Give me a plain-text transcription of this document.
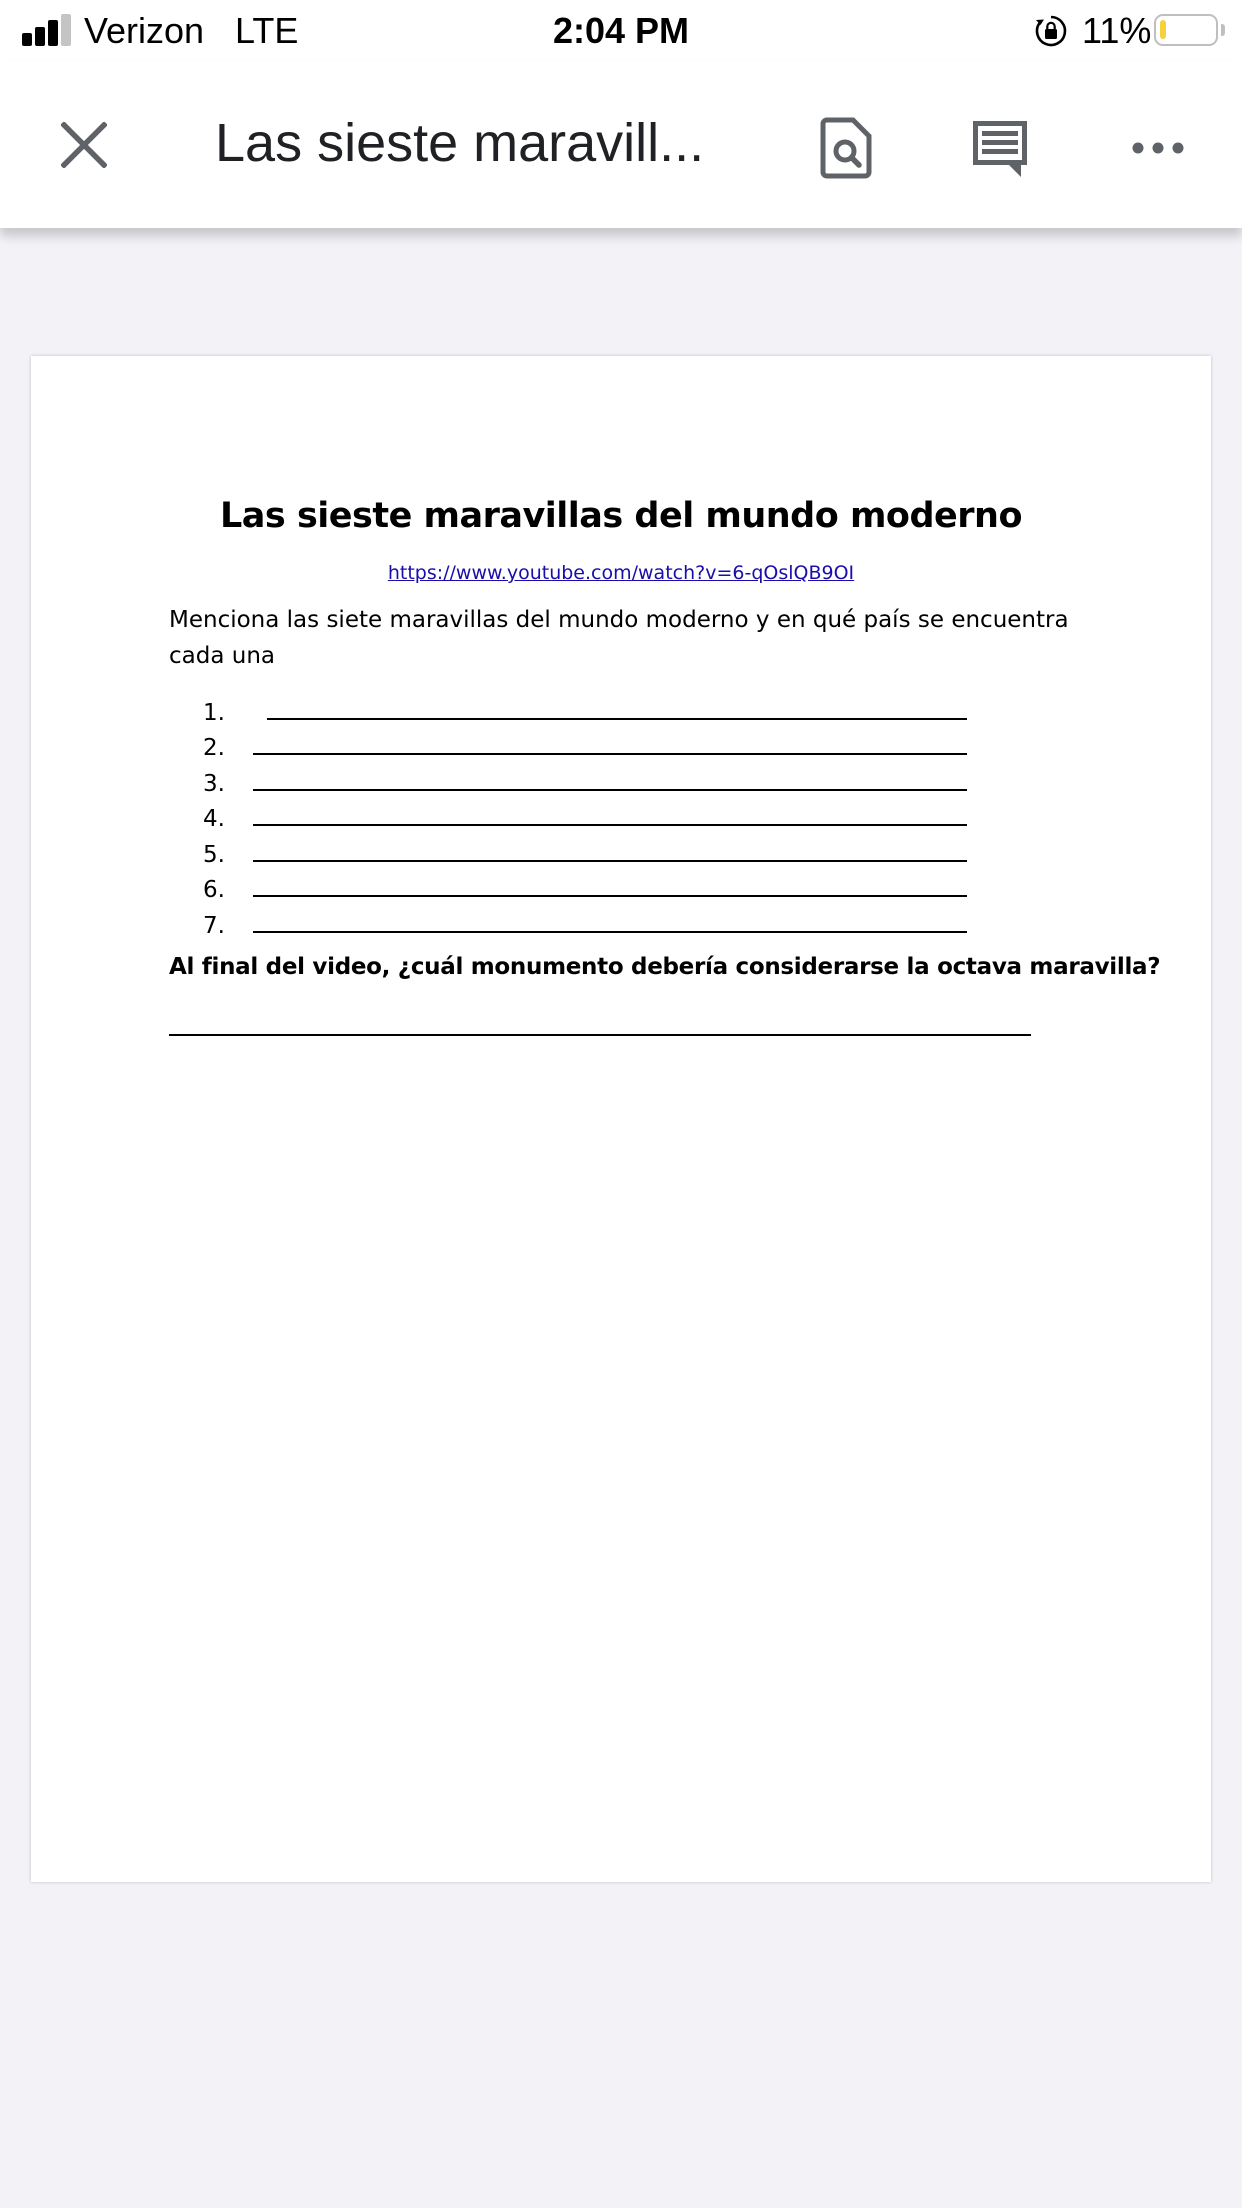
Verizon LTE	2:04 PM	11%
Las sieste maravill...
Las sieste maravillas del mundo moderno
https://www.youtube.com/watch?v=6-qOslQB9OI
Menciona las siete maravillas del mundo moderno y en qué país se encuentra cada una
1.
2.
3.
4.
5.
6.
7.
Al final del video, ¿cuál monumento debería considerarse la octava maravilla?
